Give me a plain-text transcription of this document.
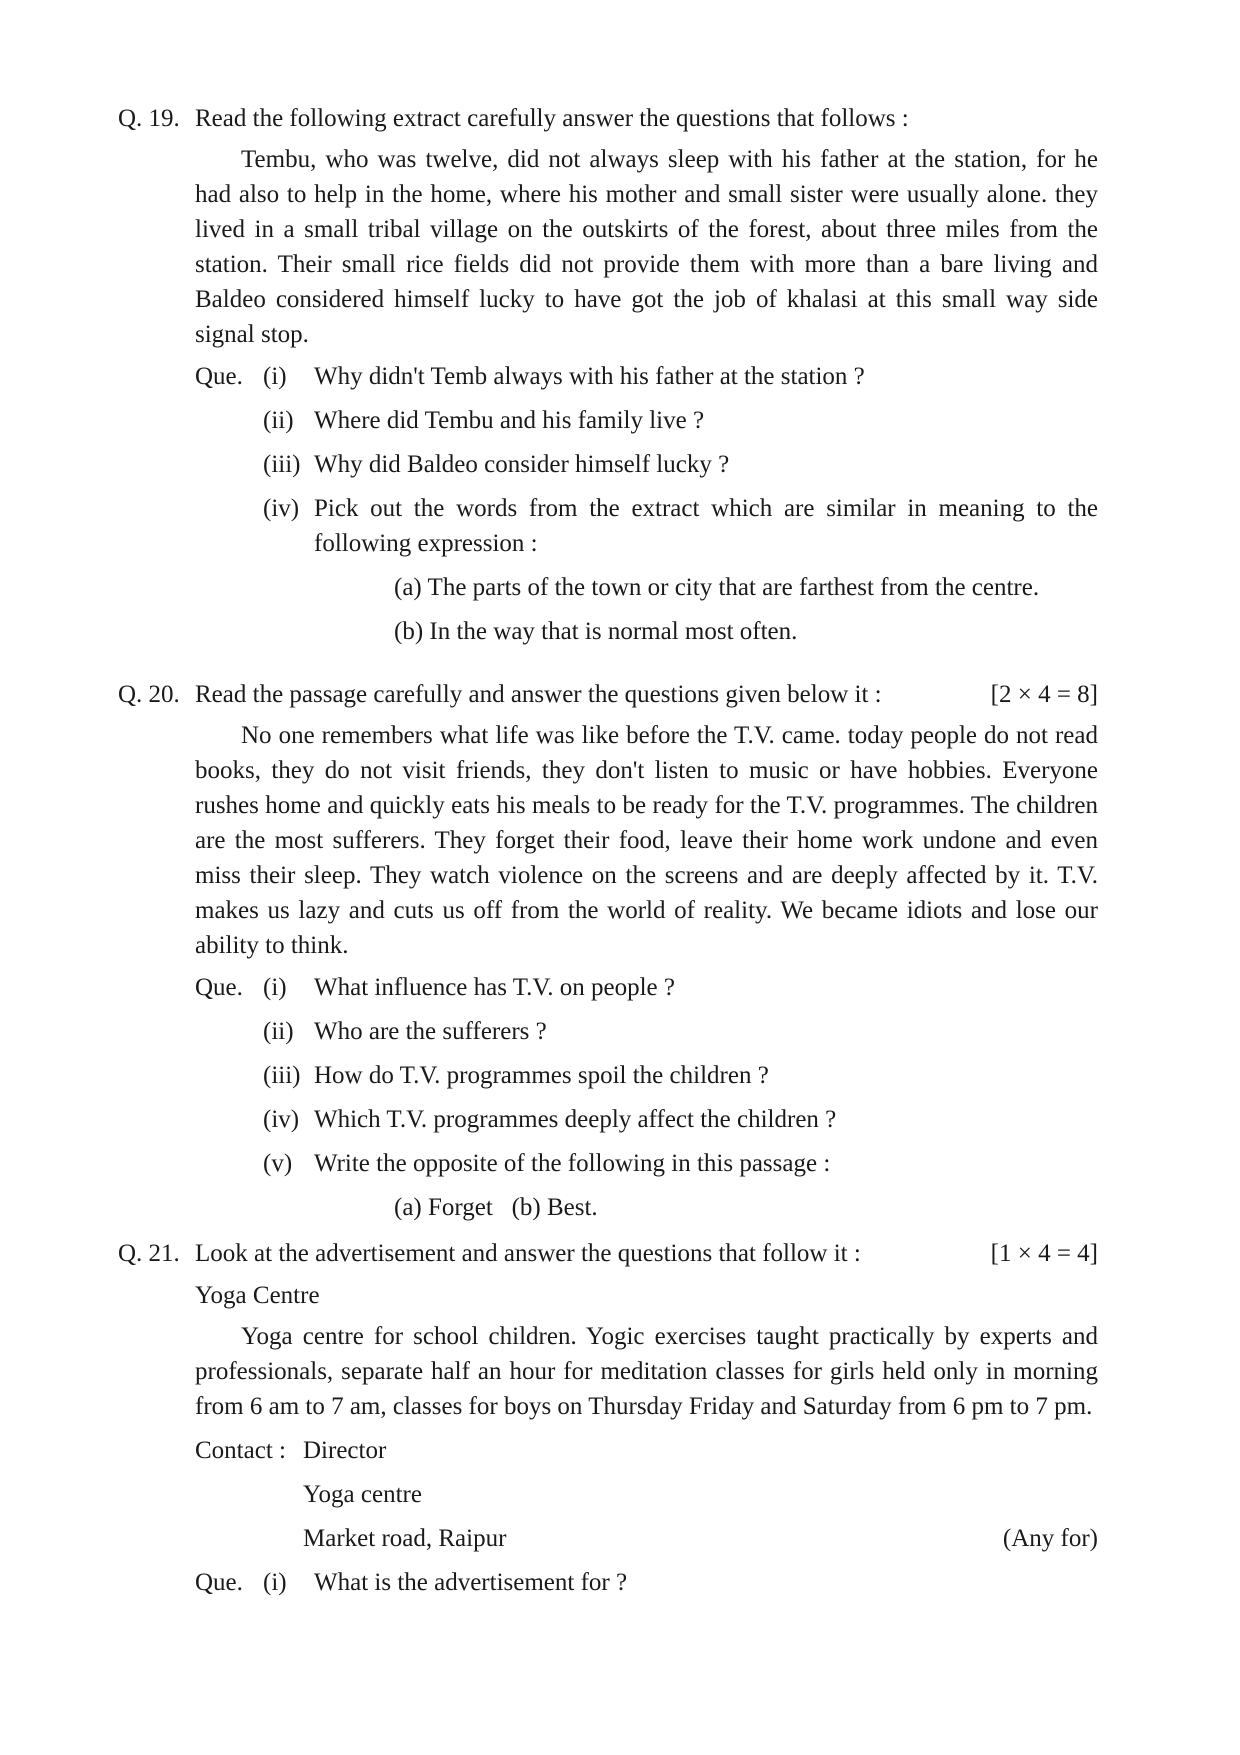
Q. 19. Read the following extract carefully answer the questions that follows :
Tembu, who was twelve, did not always sleep with his father at the station, for he had also to help in the home, where his mother and small sister were usually alone. they lived in a small tribal village on the outskirts of the forest, about three miles from the station. Their small rice fields did not provide them with more than a bare living and Baldeo considered himself lucky to have got the job of khalasi at this small way side signal stop.
Que. (i)	Why didn't Temb always with his father at the station ?
(ii) Where did Tembu and his family live ?
(iii) Why did Baldeo consider himself lucky ?
(iv) Pick out the words from the extract which are similar in meaning to the following expression :
(a) The parts of the town or city that are farthest from the centre.
(b) In the way that is normal most often.
Q. 20. Read the passage carefully and answer the questions given below it :	[2 × 4 = 8]
No one remembers what life was like before the T.V. came. today people do not read books, they do not visit friends, they don't listen to music or have hobbies. Everyone rushes home and quickly eats his meals to be ready for the T.V. programmes. The children are the most sufferers. They forget their food, leave their home work undone and even miss their sleep. They watch violence on the screens and are deeply affected by it. T.V. makes us lazy and cuts us off from the world of reality. We became idiots and lose our ability to think.
Que. (i)	What influence has T.V. on people ?
(ii) Who are the sufferers ?
(iii) How do T.V. programmes spoil the children ?
(iv) Which T.V. programmes deeply affect the children ?
(v) Write the opposite of the following in this passage :
(a) Forget   (b) Best.
Q. 21. Look at the advertisement and answer the questions that follow it :	[1 × 4 = 4]
Yoga Centre
Yoga centre for school children. Yogic exercises taught practically by experts and professionals, separate half an hour for meditation classes for girls held only in morning from 6 am to 7 am, classes for boys on Thursday Friday and Saturday from 6 pm to 7 pm.
Contact : Director
Yoga centre
Market road, Raipur	(Any for)
Que. (i)	What is the advertisement for ?
